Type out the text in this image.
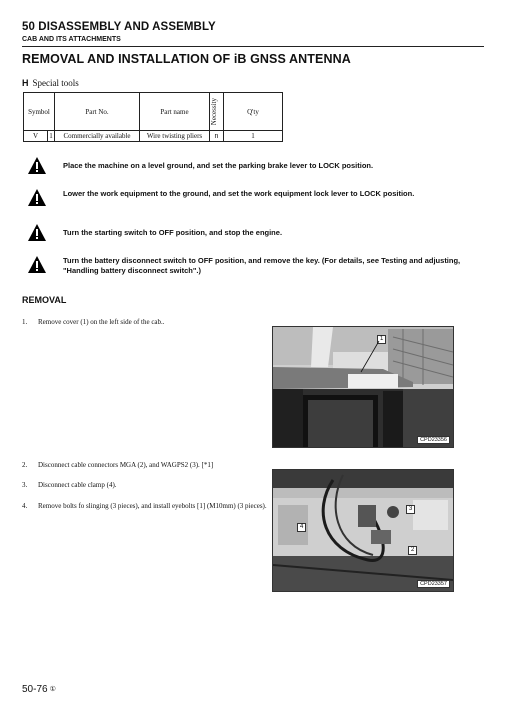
50 DISASSEMBLY AND ASSEMBLY
CAB AND ITS ATTACHMENTS
REMOVAL AND INSTALLATION OF iB GNSS ANTENNA
H Special tools
Symbol		Part No.	Part name	Necessity	Q'ty
V	1	Commercially available	Wire twisting pliers	n	1
Place the machine on a level ground, and set the parking brake lever to LOCK position.
Lower the work equipment to the ground, and set the work equipment lock lever to LOCK position.
Turn the starting switch to OFF position, and stop the engine.
Turn the battery disconnect switch to OFF position, and remove the key. (For details, see Testing and adjusting, "Handling battery disconnect switch".)
REMOVAL
1. Remove cover (1) on the left side of the cab..
2. Disconnect cable connectors MGA (2), and WAGPS2 (3). [*1]
3. Disconnect cable clamp (4).
4. Remove bolts fo slinging (3 pieces), and install eyebolts [1] (M10mm) (3 pieces).
1
CPD23356
3
4
2
CPD23357
50-76 ①
